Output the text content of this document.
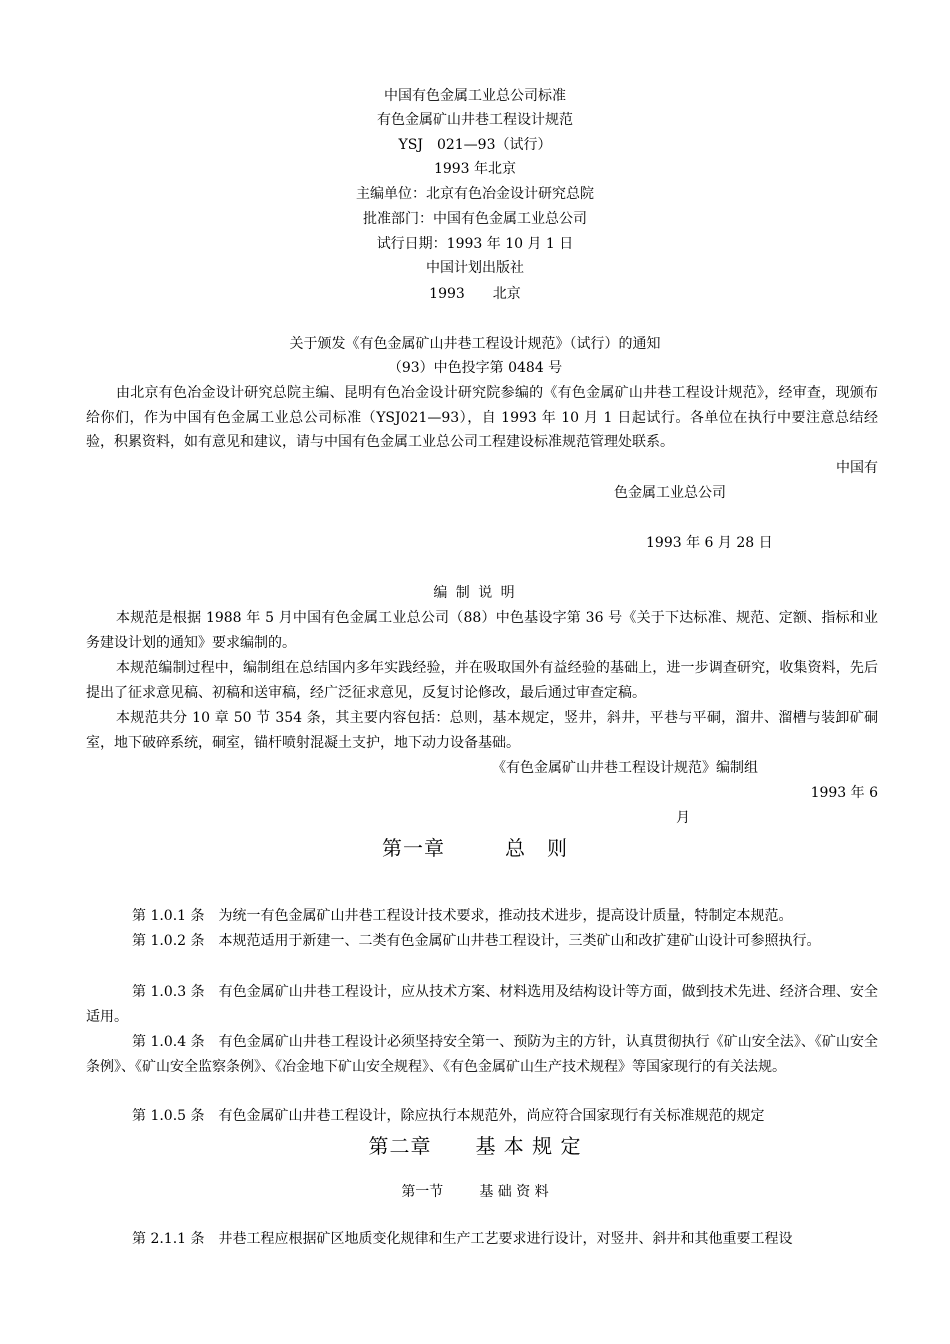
中国有色金属工业总公司标准
有色金属矿山井巷工程设计规范
YSJ　021—93（试行）
1993 年北京
主编单位：北京有色冶金设计研究总院
批准部门：中国有色金属工业总公司
试行日期：1993 年 10 月 1 日
中国计划出版社
1993　　北京
关于颁发《有色金属矿山井巷工程设计规范》（试行）的通知
（93）中色投字第 0484 号
由北京有色冶金设计研究总院主编、昆明有色冶金设计研究院参编的《有色金属矿山井巷工程设计规范》，经审查，现颁布给你们，作为中国有色金属工业总公司标准（YSJ021—93），自 1993 年 10 月 1 日起试行。各单位在执行中要注意总结经验，积累资料，如有意见和建议，请与中国有色金属工业总公司工程建设标准规范管理处联系。
中国有
色金属工业总公司
1993 年 6 月 28 日
编 制 说 明
本规范是根据 1988 年 5 月中国有色金属工业总公司（88）中色基设字第 36 号《关于下达标准、规范、定额、指标和业务建设计划的通知》要求编制的。
本规范编制过程中，编制组在总结国内多年实践经验，并在吸取国外有益经验的基础上，进一步调查研究，收集资料，先后提出了征求意见稿、初稿和送审稿，经广泛征求意见，反复讨论修改，最后通过审查定稿。
本规范共分 10 章 50 节 354 条，其主要内容包括：总则，基本规定，竖井，斜井，平巷与平硐，溜井、溜槽与装卸矿硐室，地下破碎系统，硐室，锚杆喷射混凝土支护，地下动力设备基础。
《有色金属矿山井巷工程设计规范》编制组
1993 年 6
月
第一章	总　则
第 1.0.1 条　为统一有色金属矿山井巷工程设计技术要求，推动技术进步，提高设计质量，特制定本规范。
第 1.0.2 条　本规范适用于新建一、二类有色金属矿山井巷工程设计，三类矿山和改扩建矿山设计可参照执行。
第 1.0.3 条　有色金属矿山井巷工程设计，应从技术方案、材料选用及结构设计等方面，做到技术先进、经济合理、安全适用。
第 1.0.4 条　有色金属矿山井巷工程设计必须坚持安全第一、预防为主的方针，认真贯彻执行《矿山安全法》、《矿山安全条例》、《矿山安全监察条例》、《冶金地下矿山安全规程》、《有色金属矿山生产技术规程》等国家现行的有关法规。
第 1.0.5 条　有色金属矿山井巷工程设计，除应执行本规范外，尚应符合国家现行有关标准规范的规定
第二章 基 本 规 定
第一节	基 础 资 料
第 2.1.1 条　井巷工程应根据矿区地质变化规律和生产工艺要求进行设计，对竖井、斜井和其他重要工程设
